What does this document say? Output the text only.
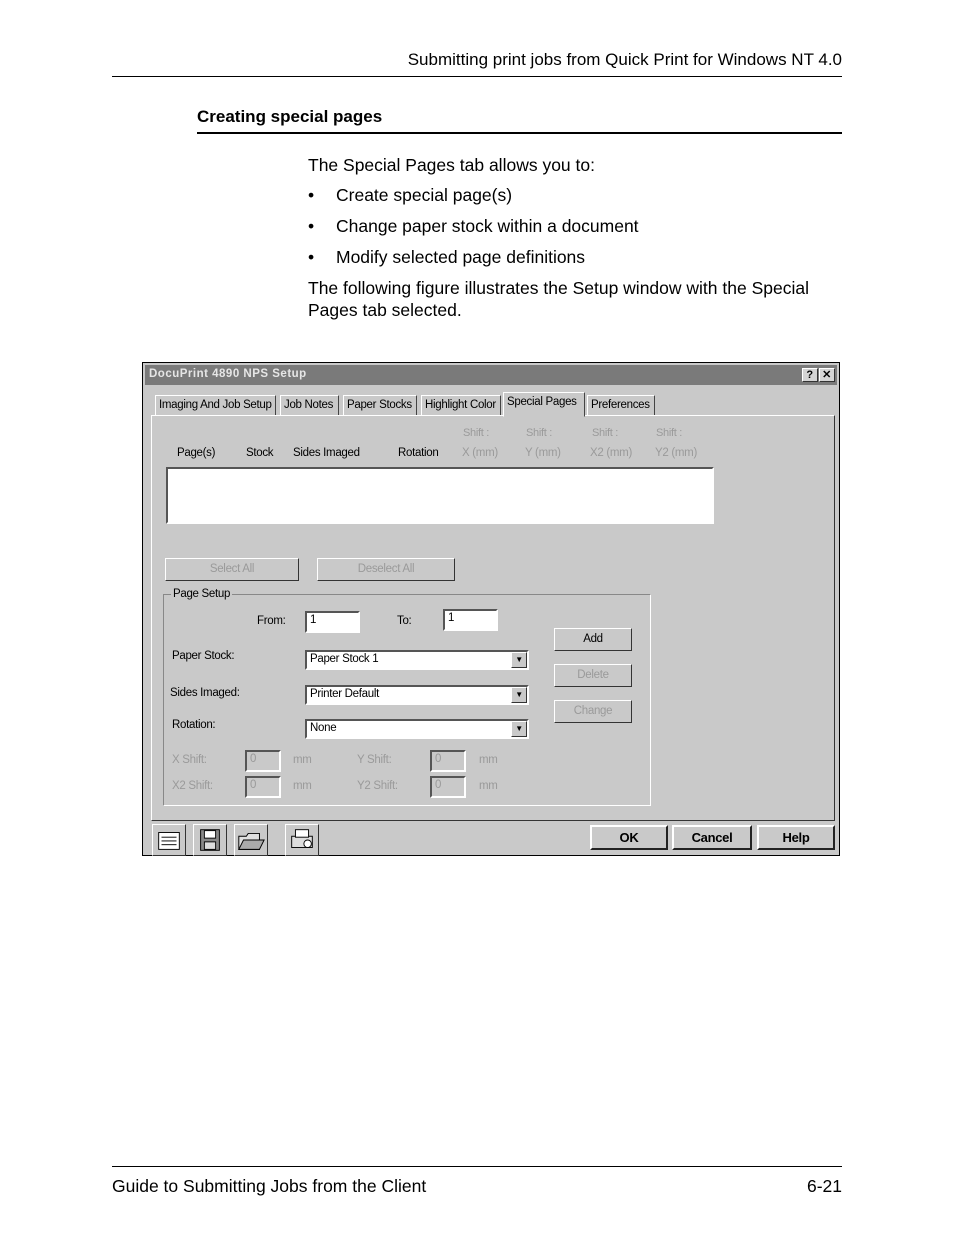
Submitting print jobs from Quick Print for Windows NT 4.0
Creating special pages
The Special Pages tab allows you to:
• Create special page(s)
• Change paper stock within a document
• Modify selected page definitions
The following figure illustrates the Setup window with the Special
Pages tab selected.
DocuPrint 4890 NPS Setup	? ✕
Imaging And Job Setup	Job Notes	Paper Stocks	Highlight Color Special Pages	Preferences
Page(s)	Stock Sides Imaged	Rotation
Shift :
X (mm)
Shift :
Y (mm)
Shift :
X2 (mm)
Shift :
Y2 (mm)
Select All	Deselect All
Page Setup
From:	1	To:	1
Paper Stock:	Paper Stock 1	▼
Sides Imaged:	Printer Default	▼
Rotation:	None	▼
X Shift:	0	mm	Y Shift:	0	mm
X2 Shift:	0	mm	Y2 Shift:	0	mm
Add
Delete
Change
OK	Cancel	Help
Guide to Submitting Jobs from the Client	6-21
